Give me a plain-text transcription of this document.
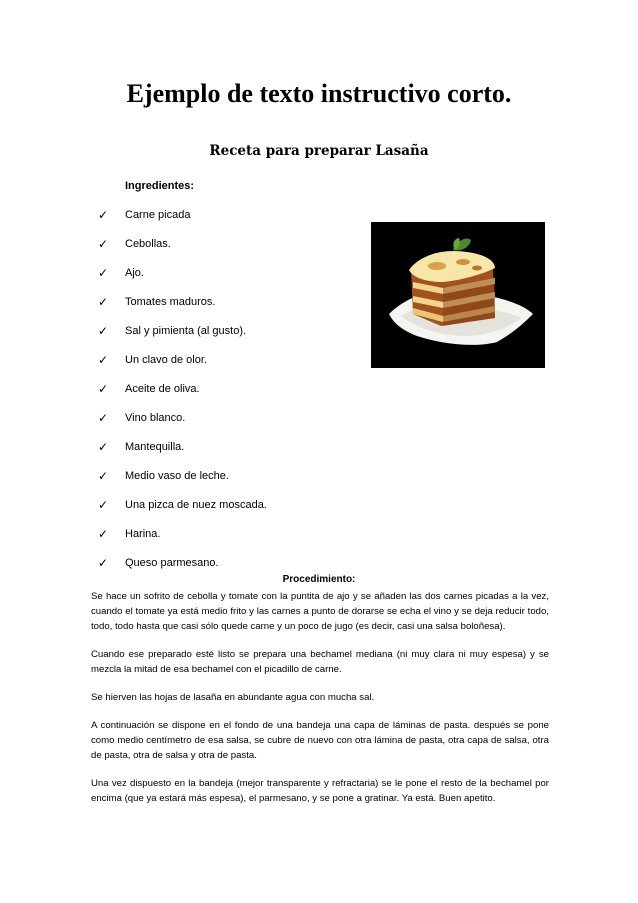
Ejemplo de texto instructivo corto.
Receta para preparar Lasaña
Ingredientes:
✓	Carne picada
✓	Cebollas.
✓	Ajo.
✓	Tomates maduros.
✓	Sal y pimienta (al gusto).
✓	Un clavo de olor.
✓	Aceite de oliva.
✓	Vino blanco.
✓	Mantequilla.
✓	Medio vaso de leche.
✓	Una pizca de nuez moscada.
✓	Harina.
✓	Queso parmesano.
Procedimiento:

Se hace un sofrito de cebolla y tomate con la puntita de ajo y se añaden las dos carnes picadas a la vez, cuando el tomate ya está medio frito y las carnes a punto de dorarse se echa el vino y se deja reducir todo, todo, todo hasta que casi sólo quede carne y un poco de jugo (es decir, casi una salsa boloñesa).

Cuando ese preparado esté listo se prepara una bechamel mediana (ni muy clara ni muy espesa) y se mezcla la mitad de esa bechamel con el picadillo de carne.

Se hierven las hojas de lasaña en abundante agua con mucha sal.

A continuación se dispone en el fondo de una bandeja una capa de láminas de pasta. después se pone como medio centímetro de esa salsa, se cubre de nuevo con otra lámina de pasta, otra capa de salsa, otra de pasta, otra de salsa y otra de pasta.

Una vez dispuesto en la bandeja (mejor transparente y refractaria) se le pone el resto de la bechamel por encima (que ya estará más espesa), el parmesano, y se pone a gratinar. Ya está. Buen apetito.
